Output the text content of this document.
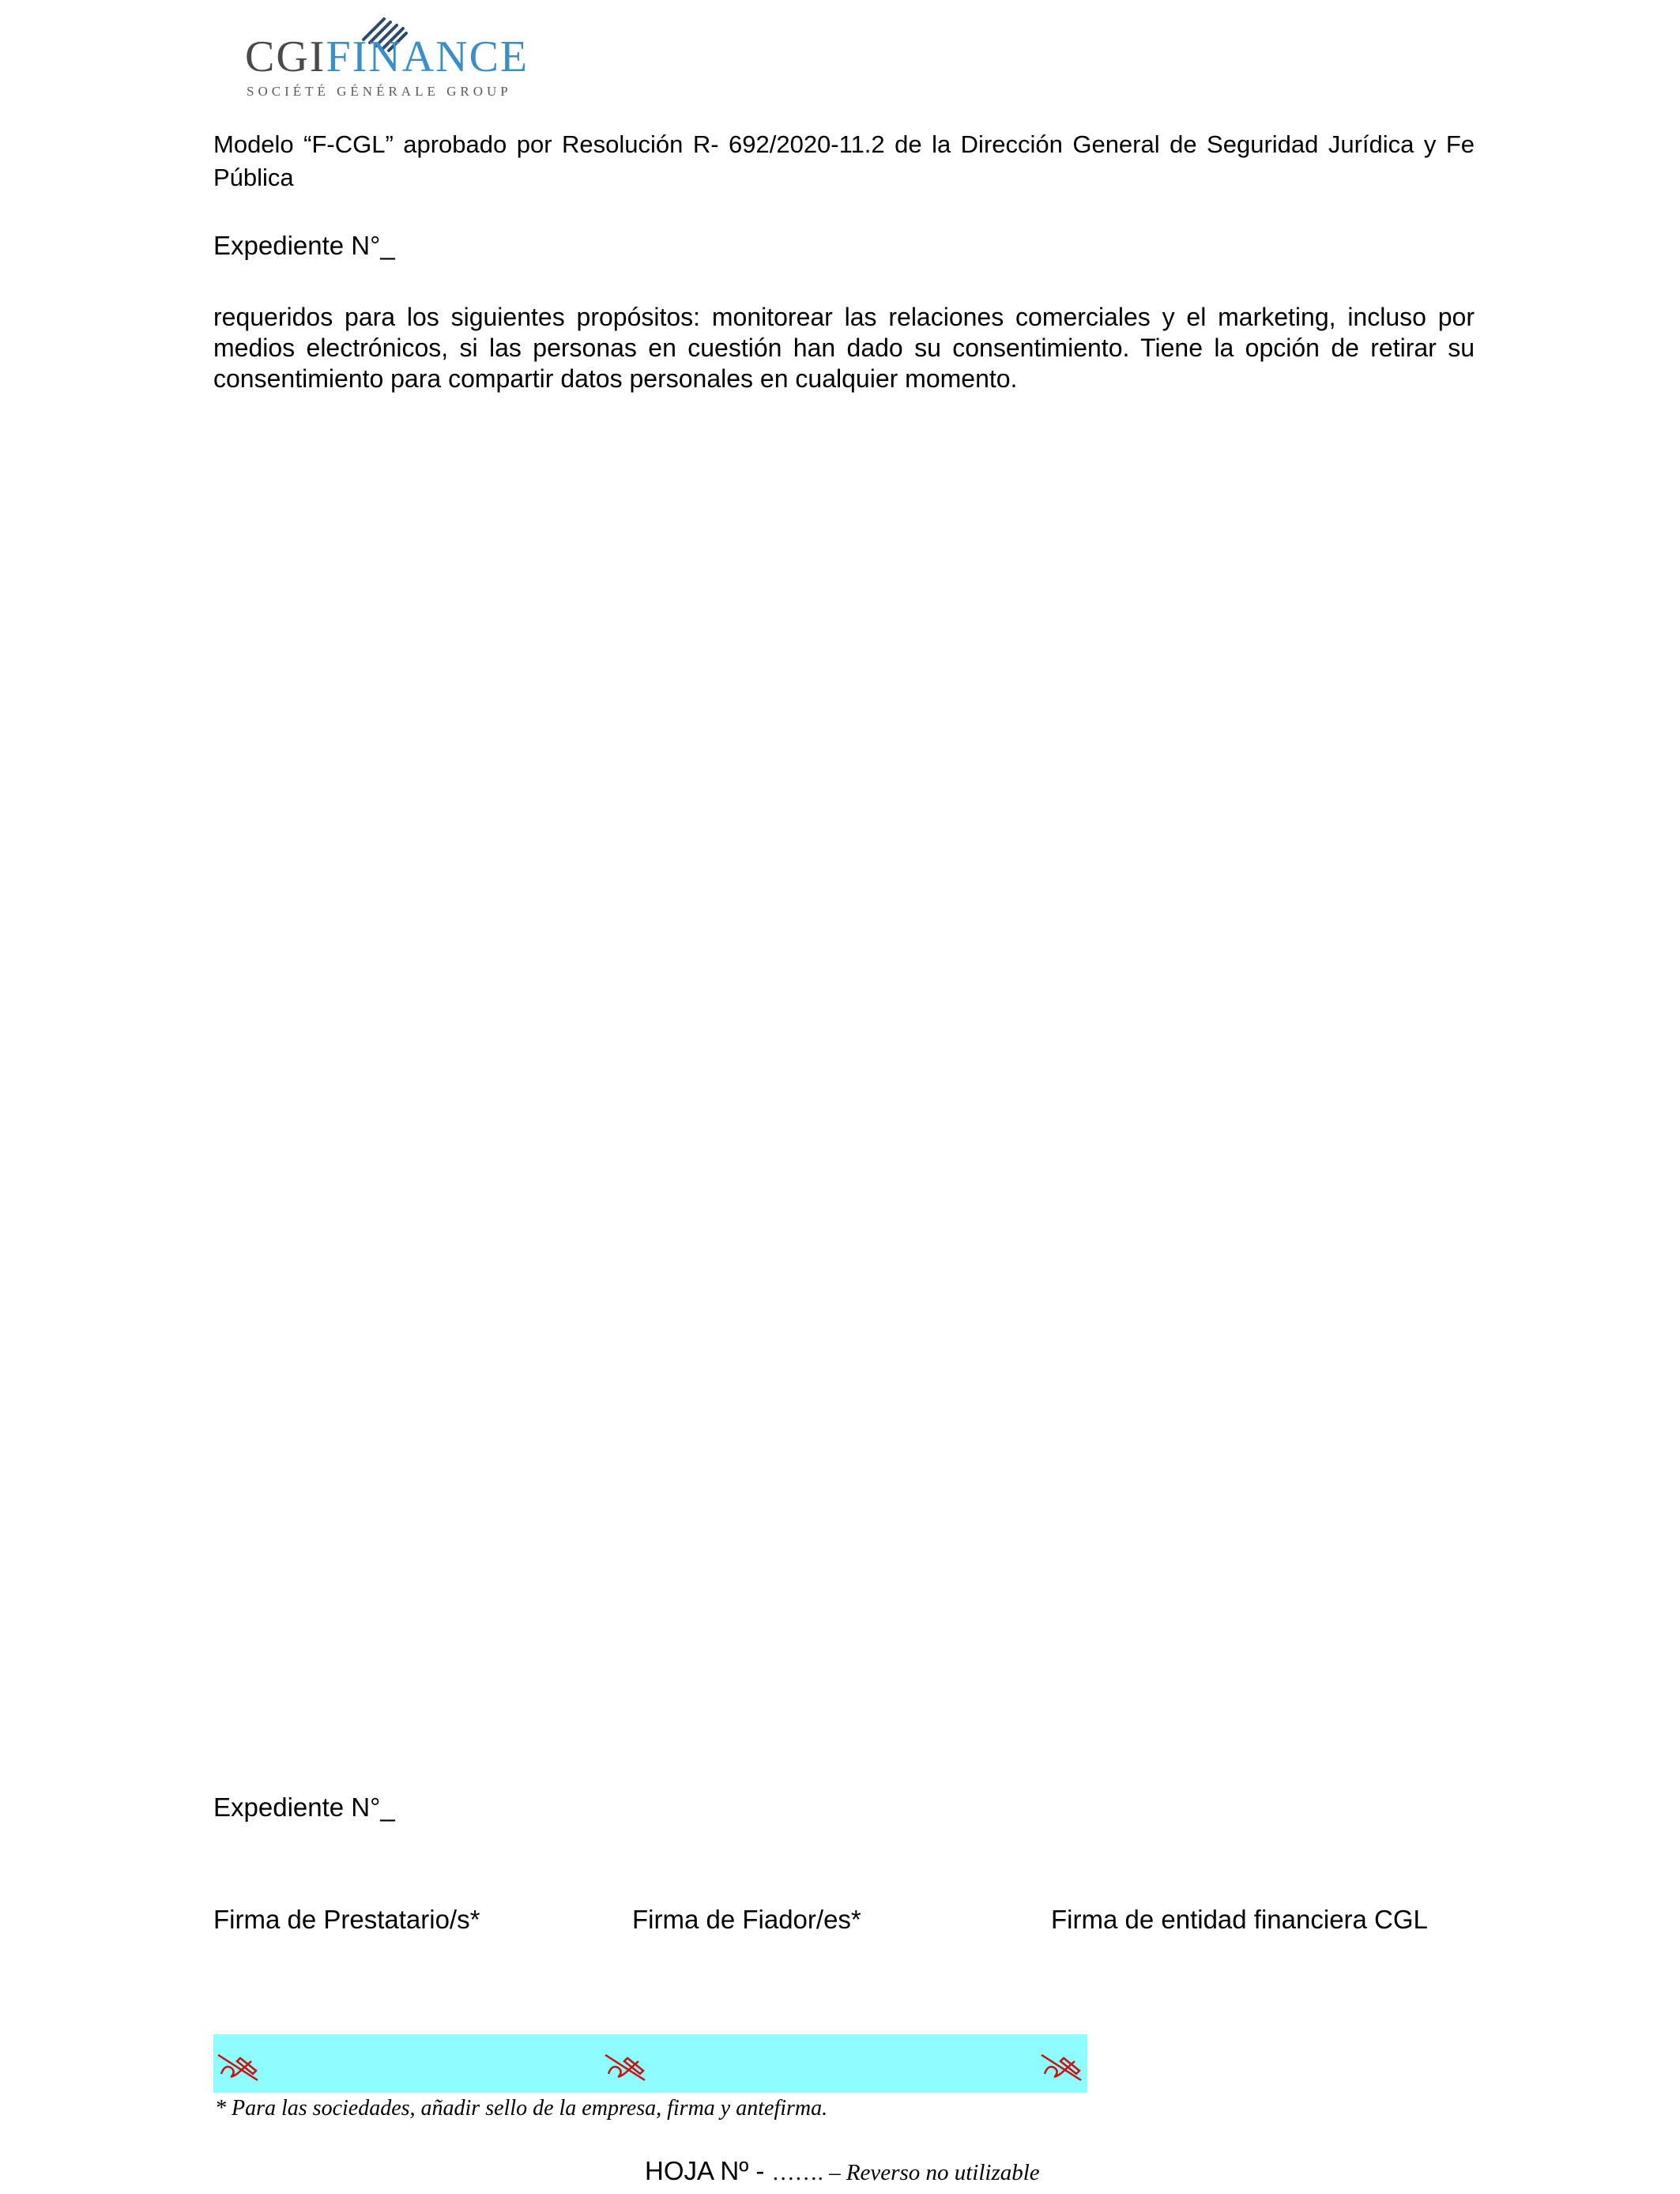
CGIFINANCE
SOCIÉTÉ GÉNÉRALE GROUP
Modelo “F-CGL” aprobado por Resolución R- 692/2020-11.2 de la Dirección General de Seguridad Jurídica y Fe Pública
Expediente N°_
requeridos para los siguientes propósitos: monitorear las relaciones comerciales y el marketing, incluso por medios electrónicos, si las personas en cuestión han dado su consentimiento. Tiene la opción de retirar su consentimiento para compartir datos personales en cualquier momento.
Expediente N°_
Firma de Prestatario/s*	Firma de Fiador/es*	Firma de entidad financiera CGL
* Para las sociedades, añadir sello de la empresa, firma y antefirma.
HOJA Nº - ……. – Reverso no utilizable
